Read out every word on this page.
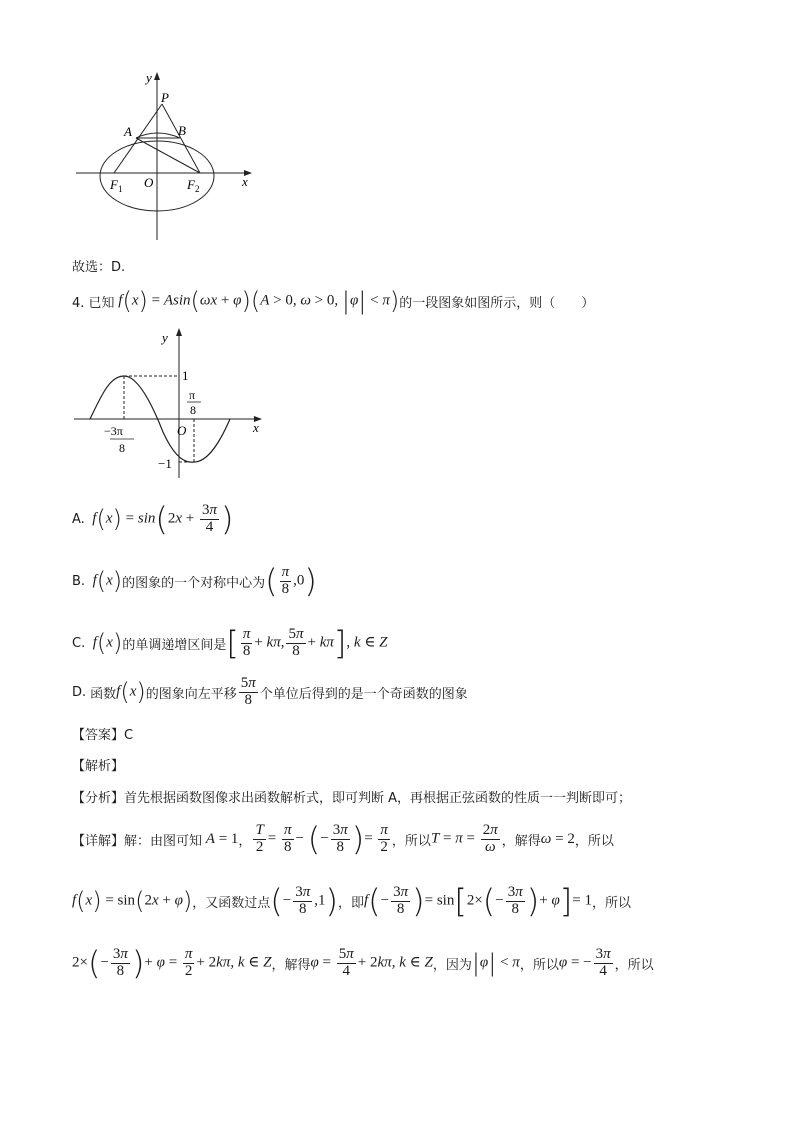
y
P
A	B
F 1 O	F 2	x
故选：D.
4. 已知 f(x) = Asin(ωx + φ)(A > 0, ω > 0, |φ| < π) 的一段图象如图所示，则（　　）
y
1
π
8
O	x
−3π
8
−1
A. $f(x) = \sin(2x + \frac{3\pi}{4}$ )
B. f(x) 的图象的一个对称中心为 ( $\frac{\pi}{8} ,0$)
C. f(x) 的单调递增区间是 [ $\frac{\pi}{8} + k\pi$, $\frac{5\pi}{8} + k\pi$], k ∈ Z
D. 函数 f(x) 的图象向左平移 $\frac{5\pi}{8}$ 个单位后得到的是一个奇函数的图象
【答案】C
【解析】
【分析】首先根据函数图像求出函数解析式，即可判断 A，再根据正弦函数的性质一一判断即可；
【详解】 解：由图可知 A = 1 ， $\frac{T}{2} = \frac{\pi}{8}$ − (− $\frac{3\pi}{8}$ )= $\frac{\pi}{2}$ ，所以 $T = \pi = \frac{2\pi}{\omega}$ ，解得 ω = 2 ，所以
f(x) = sin(2x + φ) ，又函数过点 (− $\frac{3\pi}{8} ,1$) ，即 $f(- \frac{3\pi}{8}$ )= $\sin[2\times(- \frac{3\pi}{8}$ )+ φ]= 1 ，所以
$2\times(- \frac{3\pi}{8}$ )+ $\varphi = \frac{\pi}{2} + 2k\pi$, k ∈ Z ，解得 $\varphi = \frac{5\pi}{4} + 2k\pi$, k ∈ Z ，因为 |φ| < π ，所以 φ = − $\frac{3\pi}{4}$ ，所以
